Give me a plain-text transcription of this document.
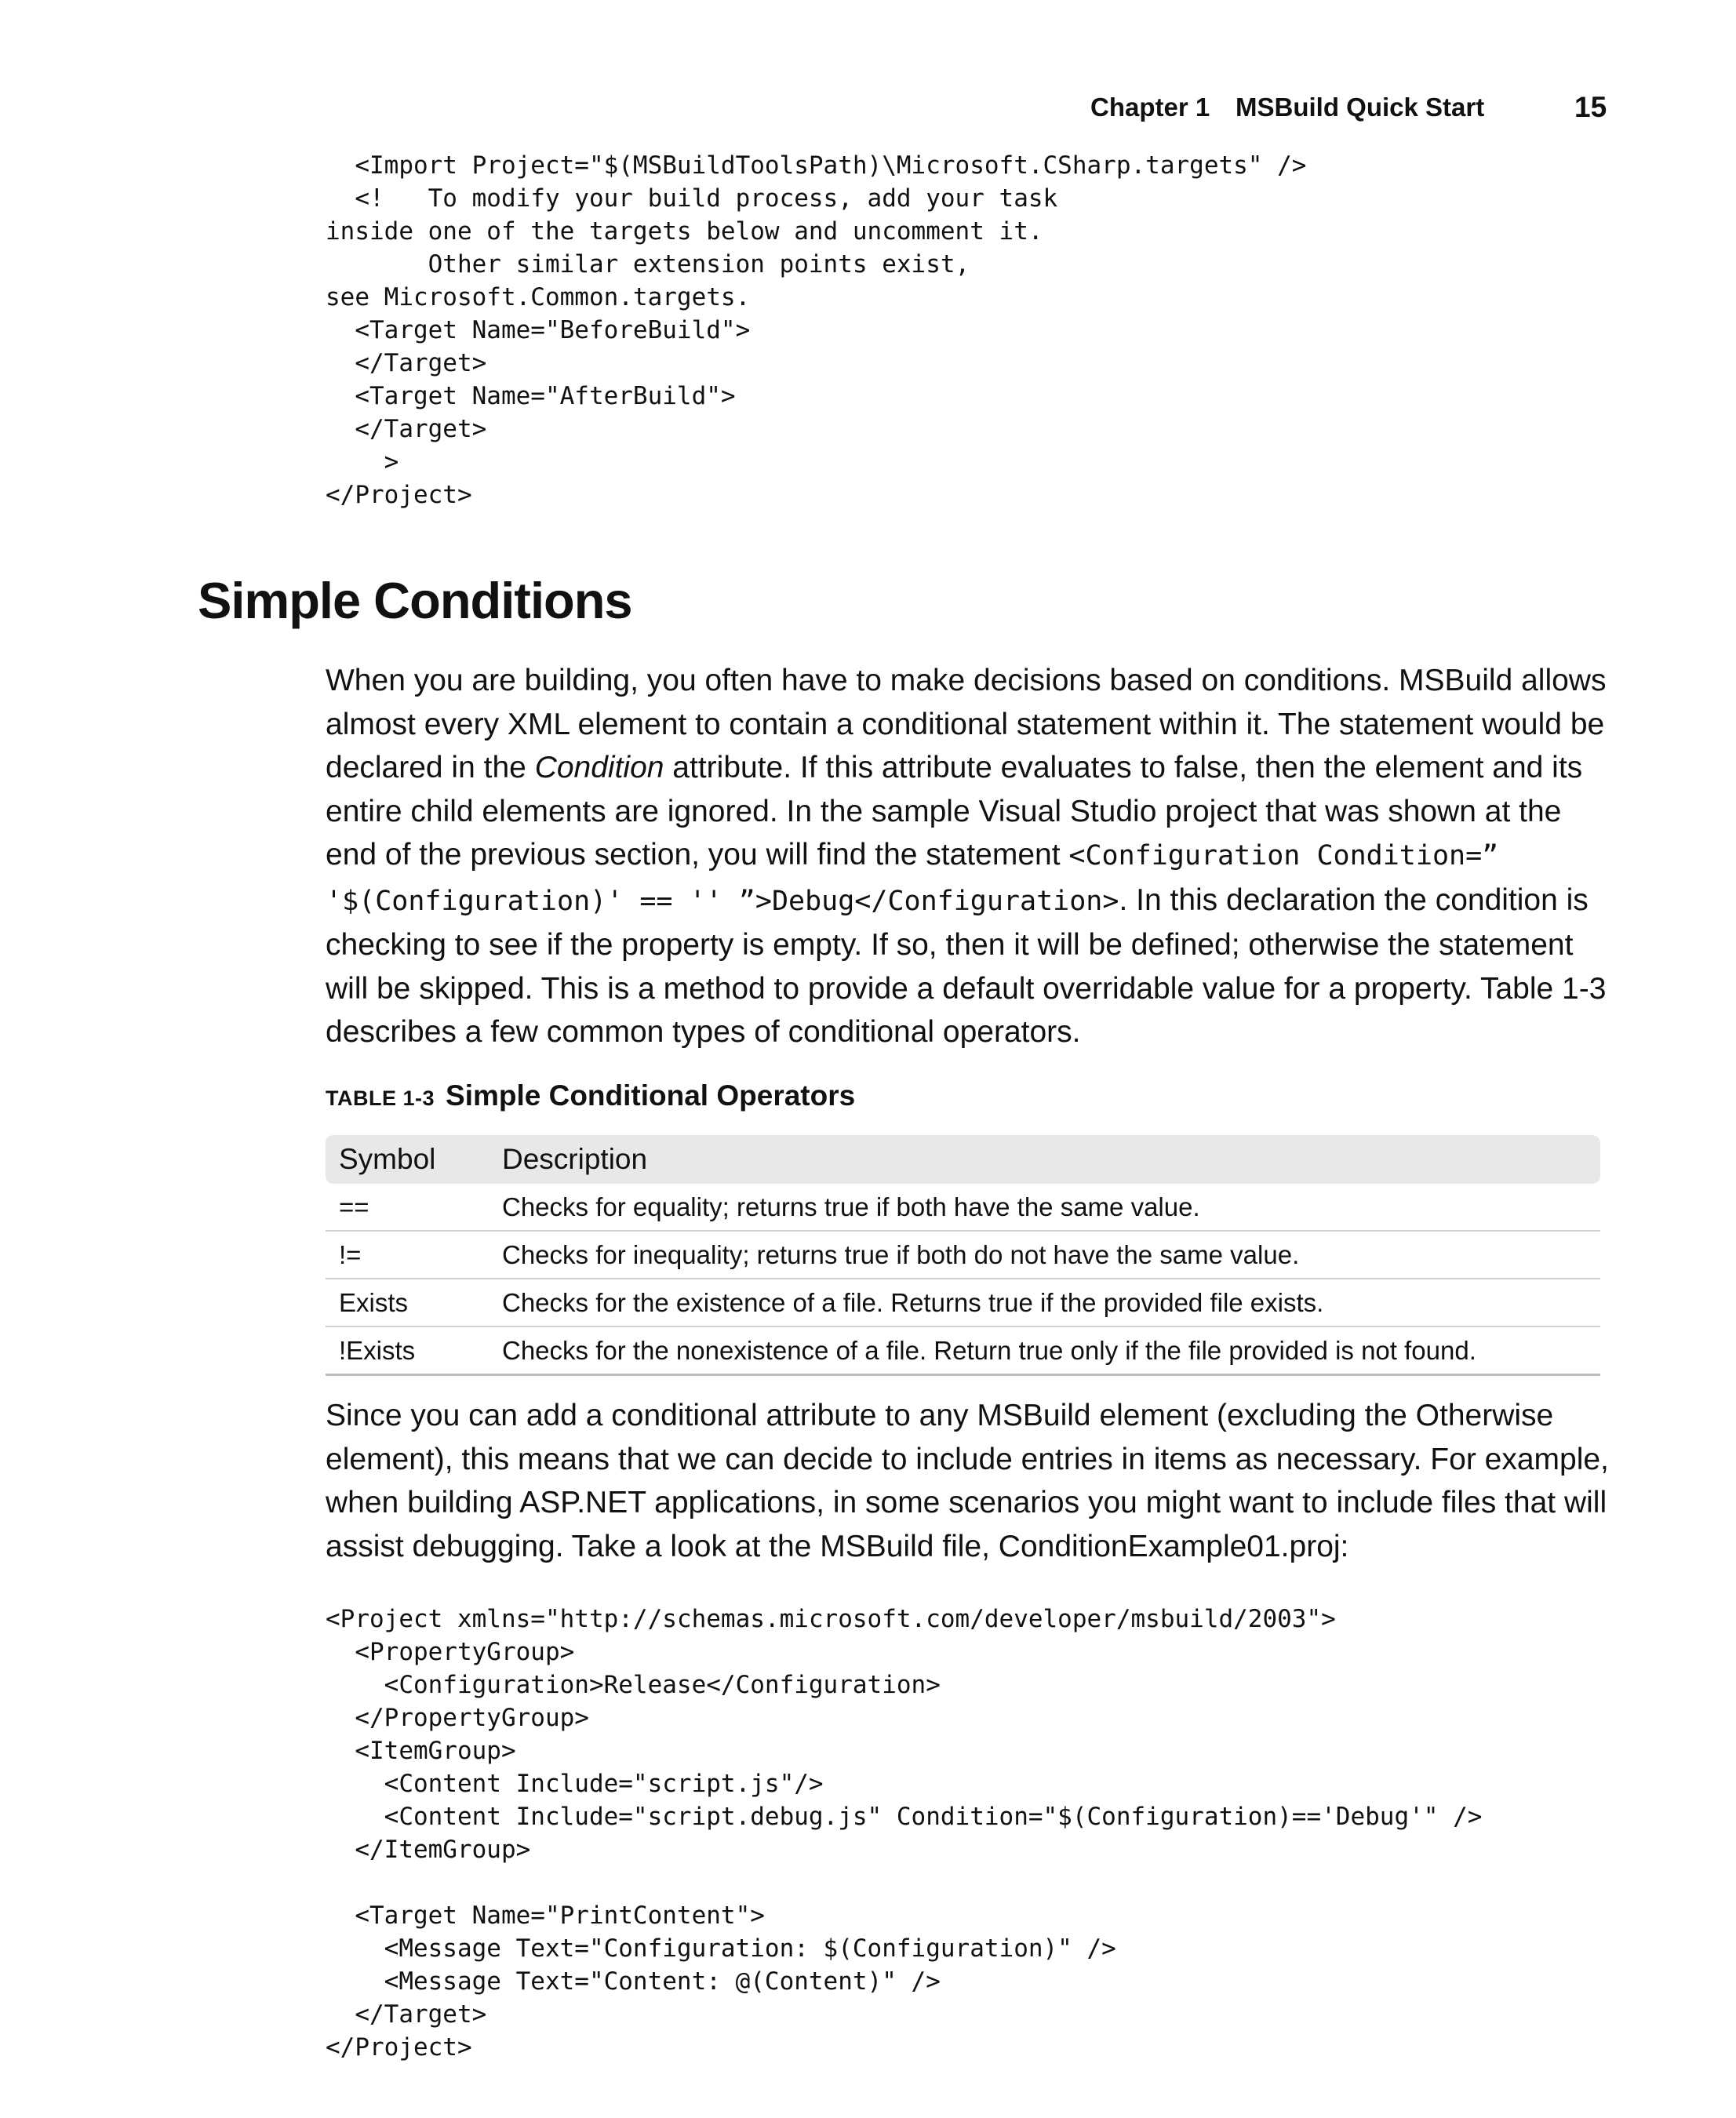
Chapter 1 MSBuild Quick Start	15
<Import Project="$(MSBuildToolsPath)\Microsoft.CSharp.targets" />
<!   To modify your build process, add your task
inside one of the targets below and uncomment it.
Other similar extension points exist,
see Microsoft.Common.targets.
<Target Name="BeforeBuild">
</Target>
<Target Name="AfterBuild">
</Target>
>
</Project>
Simple Conditions

When you are building, you often have to make decisions based on conditions. MSBuild allows almost every XML element to contain a conditional statement within it. The statement would be declared in the Condition attribute. If this attribute evaluates to false, then the element and its entire child elements are ignored. In the sample Visual Studio project that was shown at the end of the previous section, you will find the statement <Configuration Condition=” '$(Configuration)' == '' ”>Debug</Configuration>. In this declaration the condition is checking to see if the property is empty. If so, then it will be defined; otherwise the statement will be skipped. This is a method to provide a default overridable value for a property. Table 1-3 describes a few common types of conditional operators.

TABLE 1-3 Simple Conditional Operators
Symbol	Description
==	Checks for equality; returns true if both have the same value.
!=	Checks for inequality; returns true if both do not have the same value.
Exists	Checks for the existence of a file. Returns true if the provided file exists.
!Exists	Checks for the nonexistence of a file. Return true only if the file provided is not found.

Since you can add a conditional attribute to any MSBuild element (excluding the Otherwise element), this means that we can decide to include entries in items as necessary. For example, when building ASP.NET applications, in some scenarios you might want to include files that will assist debugging. Take a look at the MSBuild file, ConditionExample01.proj:

<Project xmlns="http://schemas.microsoft.com/developer/msbuild/2003">
<PropertyGroup>
<Configuration>Release</Configuration>
</PropertyGroup>
<ItemGroup>
<Content Include="script.js"/>
<Content Include="script.debug.js" Condition="$(Configuration)=='Debug'" />
</ItemGroup>

<Target Name="PrintContent">
<Message Text="Configuration: $(Configuration)" />
<Message Text="Content: @(Content)" />
</Target>
</Project>
